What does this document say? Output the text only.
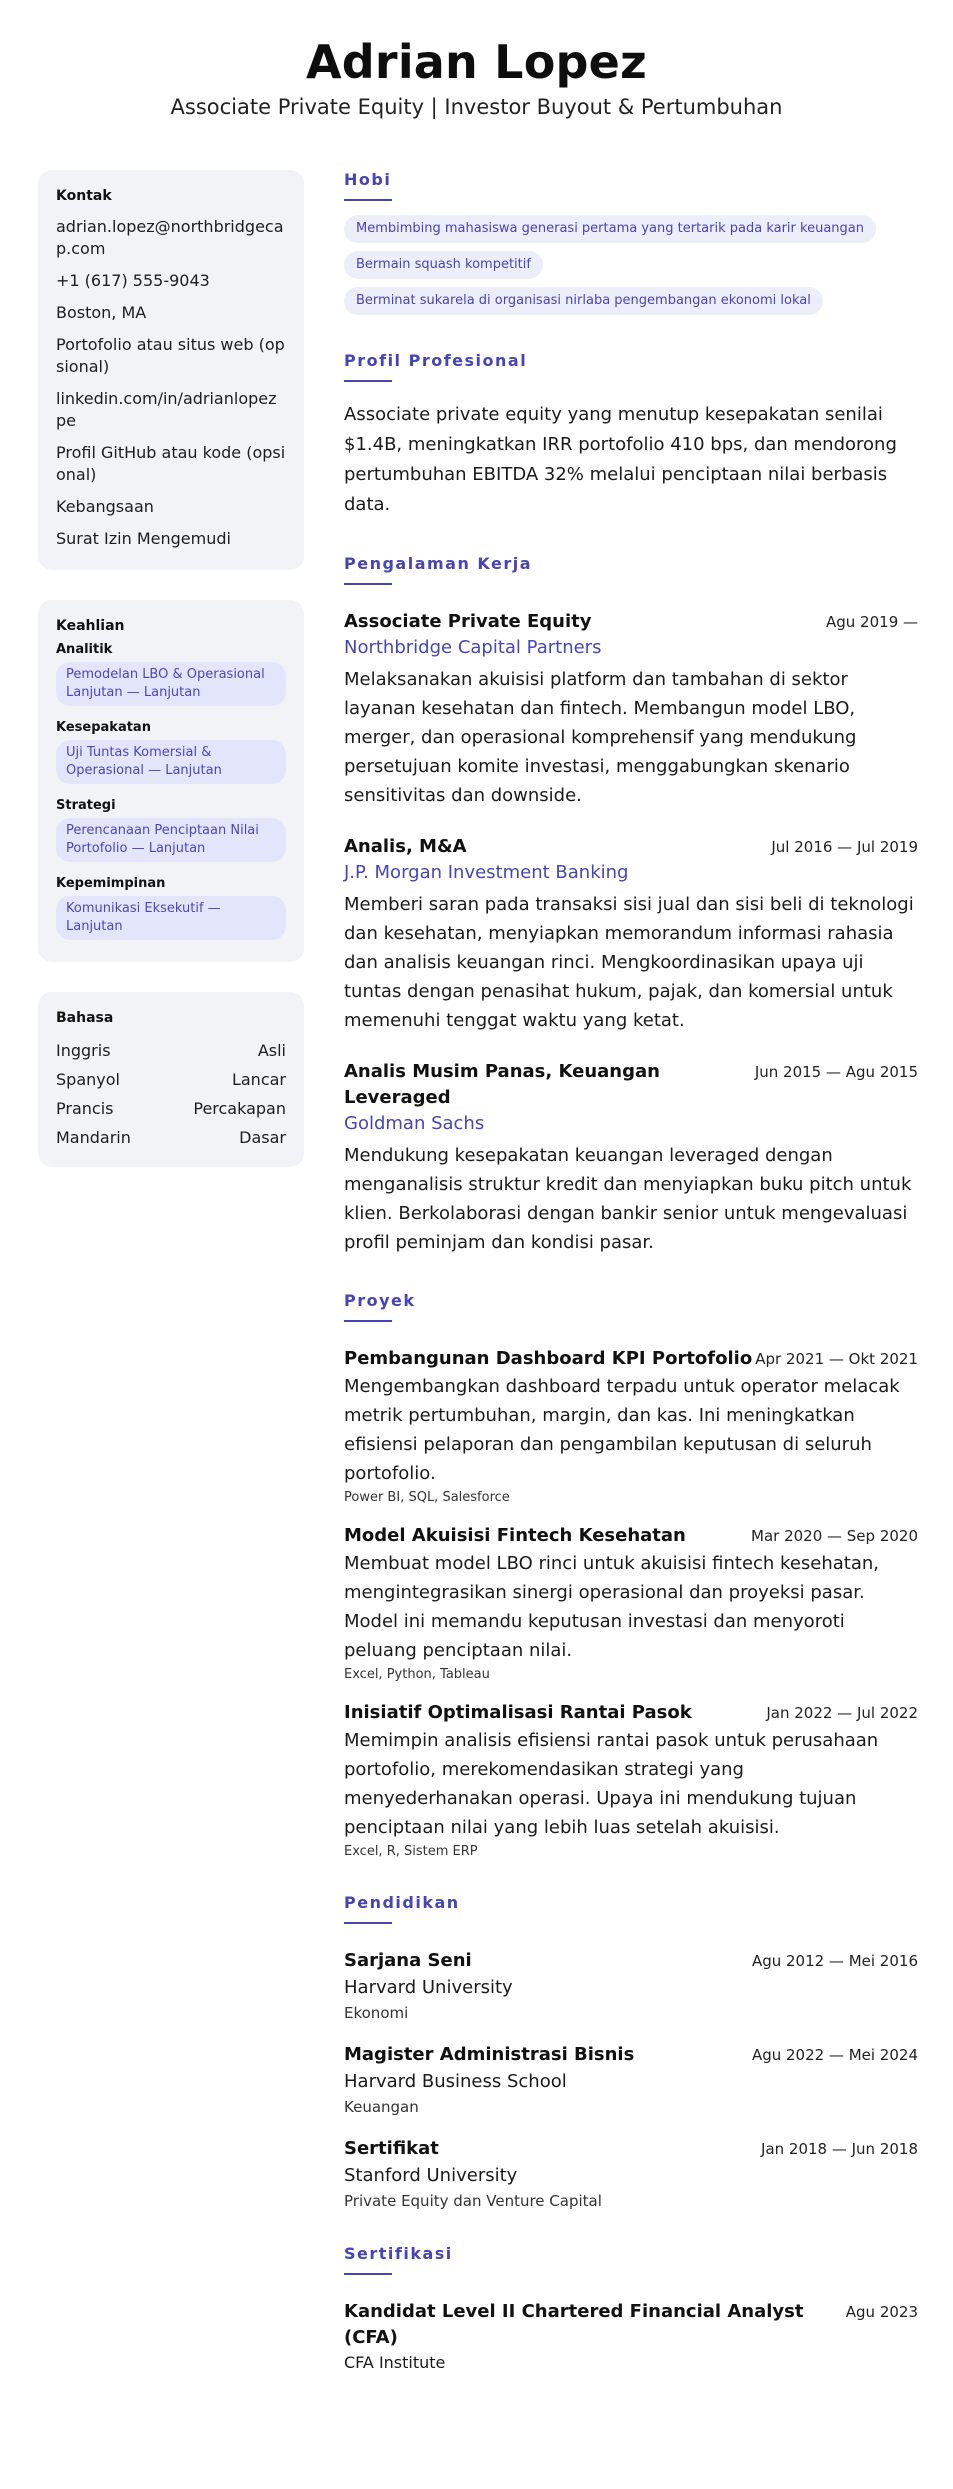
Adrian Lopez
Associate Private Equity | Investor Buyout & Pertumbuhan
Kontak
adrian.lopez@northbridgecap.com
+1 (617) 555-9043
Boston, MA
Portofolio atau situs web (opsional)
linkedin.com/in/adrianlopezpe
Profil GitHub atau kode (opsional)
Kebangsaan
Surat Izin Mengemudi
Keahlian
Analitik
Pemodelan LBO & Operasional Lanjutan — Lanjutan
Kesepakatan
Uji Tuntas Komersial & Operasional — Lanjutan
Strategi
Perencanaan Penciptaan Nilai Portofolio — Lanjutan
Kepemimpinan
Komunikasi Eksekutif — Lanjutan
Bahasa
Inggris	Asli
Spanyol	Lancar
Prancis	Percakapan
Mandarin	Dasar
Hobi
Membimbing mahasiswa generasi pertama yang tertarik pada karir keuangan
Bermain squash kompetitif
Berminat sukarela di organisasi nirlaba pengembangan ekonomi lokal
Profil Profesional

Associate private equity yang menutup kesepakatan senilai $1.4B, meningkatkan IRR portofolio 410 bps, dan mendorong pertumbuhan EBITDA 32% melalui penciptaan nilai berbasis data.

Pengalaman Kerja
Associate Private Equity	Agu 2019 —
Northbridge Capital Partners

Melaksanakan akuisisi platform dan tambahan di sektor layanan kesehatan dan fintech. Membangun model LBO, merger, dan operasional komprehensif yang mendukung persetujuan komite investasi, menggabungkan skenario sensitivitas dan downside.

Analis, M&A	Jul 2016 — Jul 2019
J.P. Morgan Investment Banking

Memberi saran pada transaksi sisi jual dan sisi beli di teknologi dan kesehatan, menyiapkan memorandum informasi rahasia dan analisis keuangan rinci. Mengkoordinasikan upaya uji tuntas dengan penasihat hukum, pajak, dan komersial untuk memenuhi tenggat waktu yang ketat.

Analis Musim Panas, Keuangan Leveraged
Jun 2015 — Agu 2015
Goldman Sachs

Mendukung kesepakatan keuangan leveraged dengan menganalisis struktur kredit dan menyiapkan buku pitch untuk klien. Berkolaborasi dengan bankir senior untuk mengevaluasi profil peminjam dan kondisi pasar.

Proyek
Pembangunan Dashboard KPI Portofolio Apr 2021 — Okt 2021

Mengembangkan dashboard terpadu untuk operator melacak metrik pertumbuhan, margin, dan kas. Ini meningkatkan efisiensi pelaporan dan pengambilan keputusan di seluruh portofolio.

Power BI, SQL, Salesforce
Model Akuisisi Fintech Kesehatan	Mar 2020 — Sep 2020

Membuat model LBO rinci untuk akuisisi fintech kesehatan, mengintegrasikan sinergi operasional dan proyeksi pasar. Model ini memandu keputusan investasi dan menyoroti peluang penciptaan nilai.

Excel, Python, Tableau
Inisiatif Optimalisasi Rantai Pasok	Jan 2022 — Jul 2022

Memimpin analisis efisiensi rantai pasok untuk perusahaan portofolio, merekomendasikan strategi yang menyederhanakan operasi. Upaya ini mendukung tujuan penciptaan nilai yang lebih luas setelah akuisisi.

Excel, R, Sistem ERP
Pendidikan
Sarjana Seni	Agu 2012 — Mei 2016
Harvard University
Ekonomi
Magister Administrasi Bisnis	Agu 2022 — Mei 2024
Harvard Business School
Keuangan
Sertifikat	Jan 2018 — Jun 2018
Stanford University
Private Equity dan Venture Capital
Sertifikasi
Kandidat Level II Chartered Financial Analyst (CFA)
Agu 2023
CFA Institute
